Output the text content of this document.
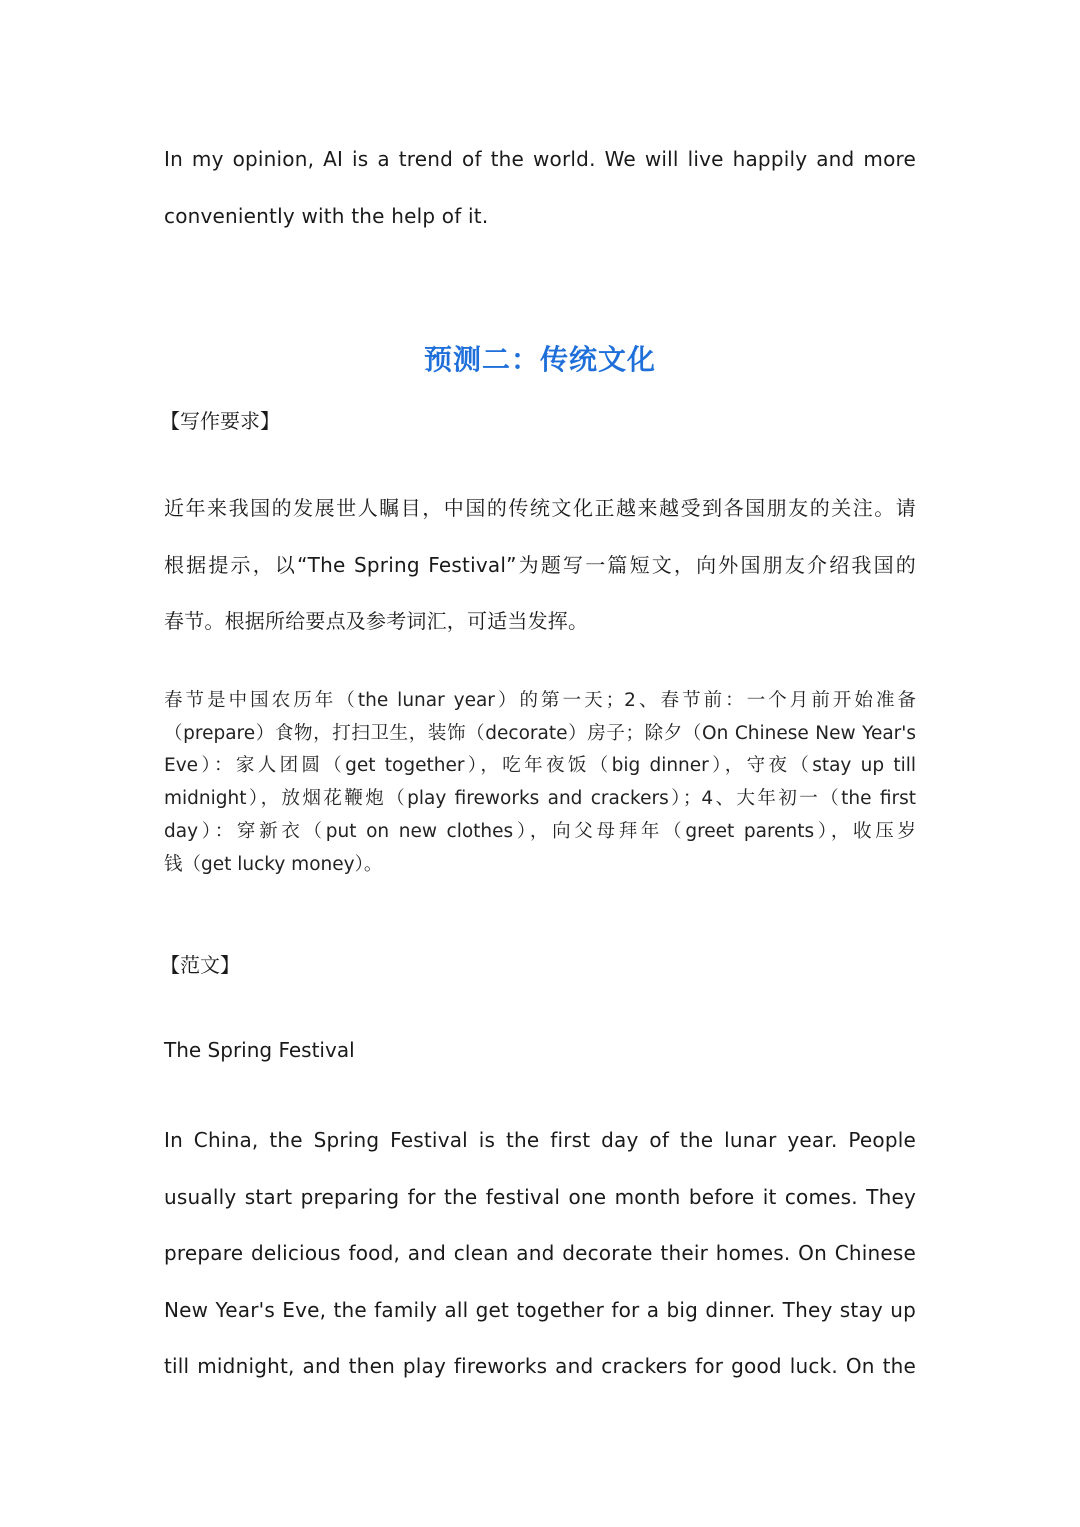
In my opinion, AI is a trend of the world. We will live happily and more
conveniently with the help of it.
预测二：传统文化
【写作要求】
近年来我国的发展世人瞩目，中国的传统文化正越来越受到各国朋友的关注。请
根据提示，以“The Spring Festival”为题写一篇短文，向外国朋友介绍我国的
春节。根据所给要点及参考词汇，可适当发挥。
春节是中国农历年（the lunar year）的第一天；2、春节前：一个月前开始准备
（prepare）食物，打扫卫生，装饰（decorate）房子；除夕（On Chinese New Year's
Eve）：家人团圆（get together），吃年夜饭（big dinner），守夜（stay up till
midnight），放烟花鞭炮（play fireworks and crackers）；4、大年初一（the first
day）：穿新衣（put on new clothes），向父母拜年（greet parents），收压岁
钱（get lucky money）。
【范文】
The Spring Festival
In China, the Spring Festival is the first day of the lunar year. People
usually start preparing for the festival one month before it comes. They
prepare delicious food, and clean and decorate their homes. On Chinese
New Year's Eve, the family all get together for a big dinner. They stay up
till midnight, and then play fireworks and crackers for good luck. On the
